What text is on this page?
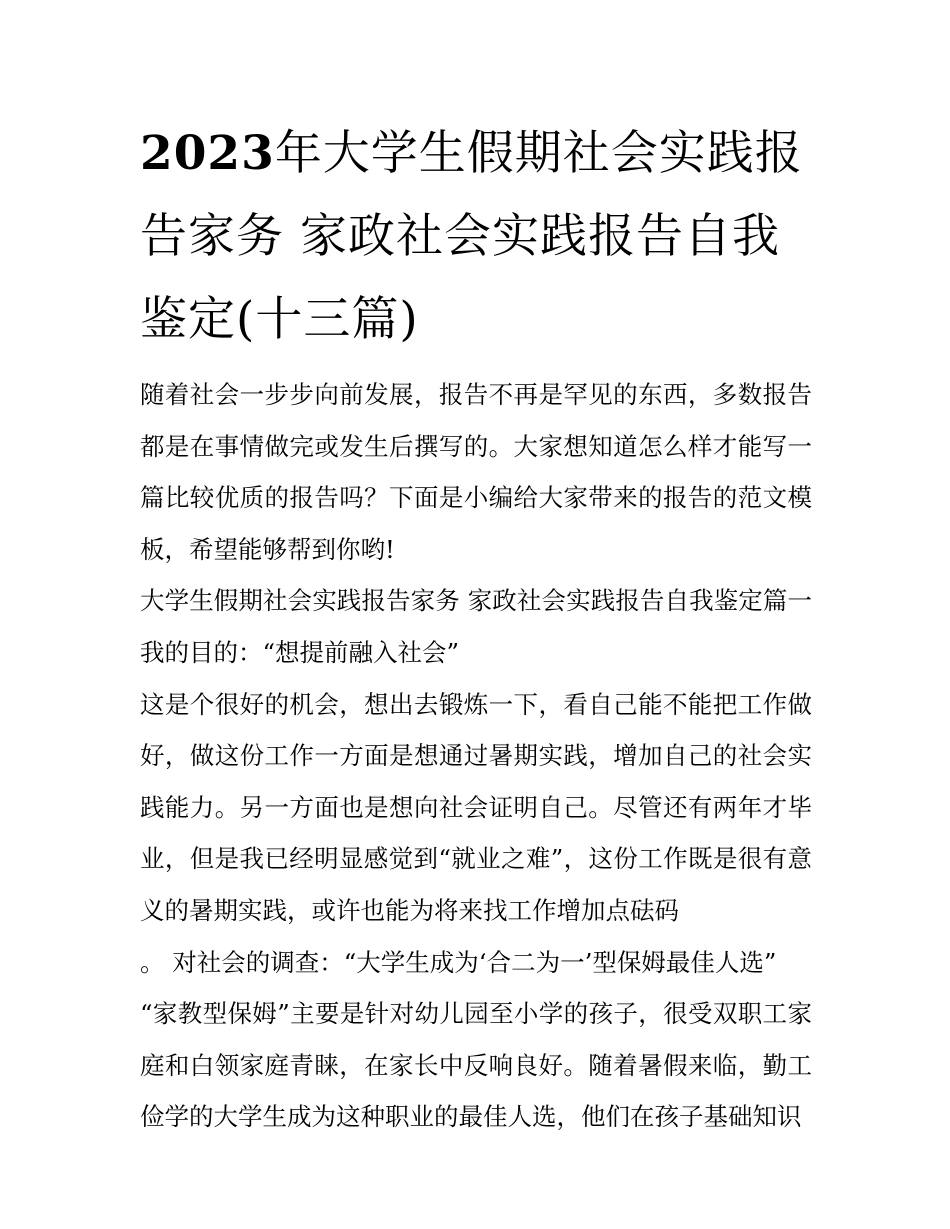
2023年大学生假期社会实践报告家务 家政社会实践报告自我鉴定(十三篇)

随着社会一步步向前发展，报告不再是罕见的东西，多数报告都是在事情做完或发生后撰写的。大家想知道怎么样才能写一篇比较优质的报告吗？下面是小编给大家带来的报告的范文模板，希望能够帮到你哟!

大学生假期社会实践报告家务 家政社会实践报告自我鉴定篇一 我的目的：“想提前融入社会”

这是个很好的机会，想出去锻炼一下，看自己能不能把工作做好，做这份工作一方面是想通过暑期实践，增加自己的社会实践能力。另一方面也是想向社会证明自己。尽管还有两年才毕业，但是我已经明显感觉到“就业之难”，这份工作既是很有意义的暑期实践，或许也能为将来找工作增加点砝码

。 对社会的调查：“大学生成为‘合二为一’型保姆最佳人选”

“家教型保姆”主要是针对幼儿园至小学的孩子，很受双职工家庭和白领家庭青睐，在家长中反响良好。随着暑假来临，勤工俭学的大学生成为这种职业的最佳人选，他们在孩子基础知识
